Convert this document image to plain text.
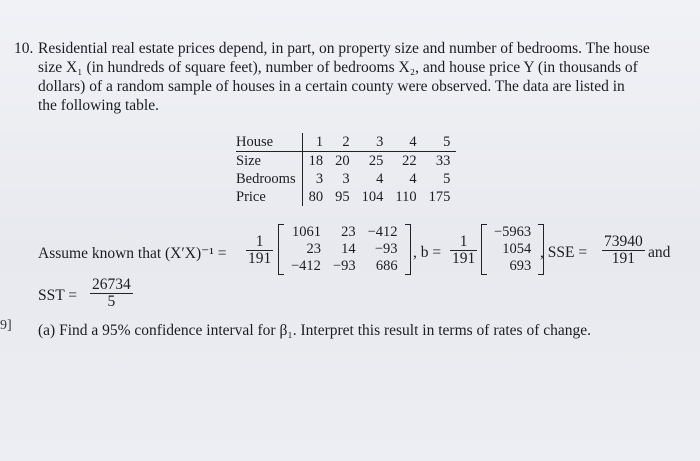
10. Residential real estate prices depend, in part, on property size and number of bedrooms. The house
size X₁ (in hundreds of square feet), number of bedrooms X₂, and house price Y (in thousands of
dollars) of a random sample of houses in a certain county were observed. The data are listed in
the following table.
House	1	2	3	4	5
Size	18	20	25	22	33
Bedrooms	3	3	4	4	5
Price	80	95	104	110	175
Assume known that $(X'X)^{-1} = \frac{1}{191}$
1061	23	−412
23	14	−93
−412	−93	686
, $b = \frac{1}{191}$
−5963
1054
693
, SSE = $\frac{73940}{191}$ and
SST = $\frac{26734}{5}$
9] (a) Find a 95% confidence interval for β₁. Interpret this result in terms of rates of change.
